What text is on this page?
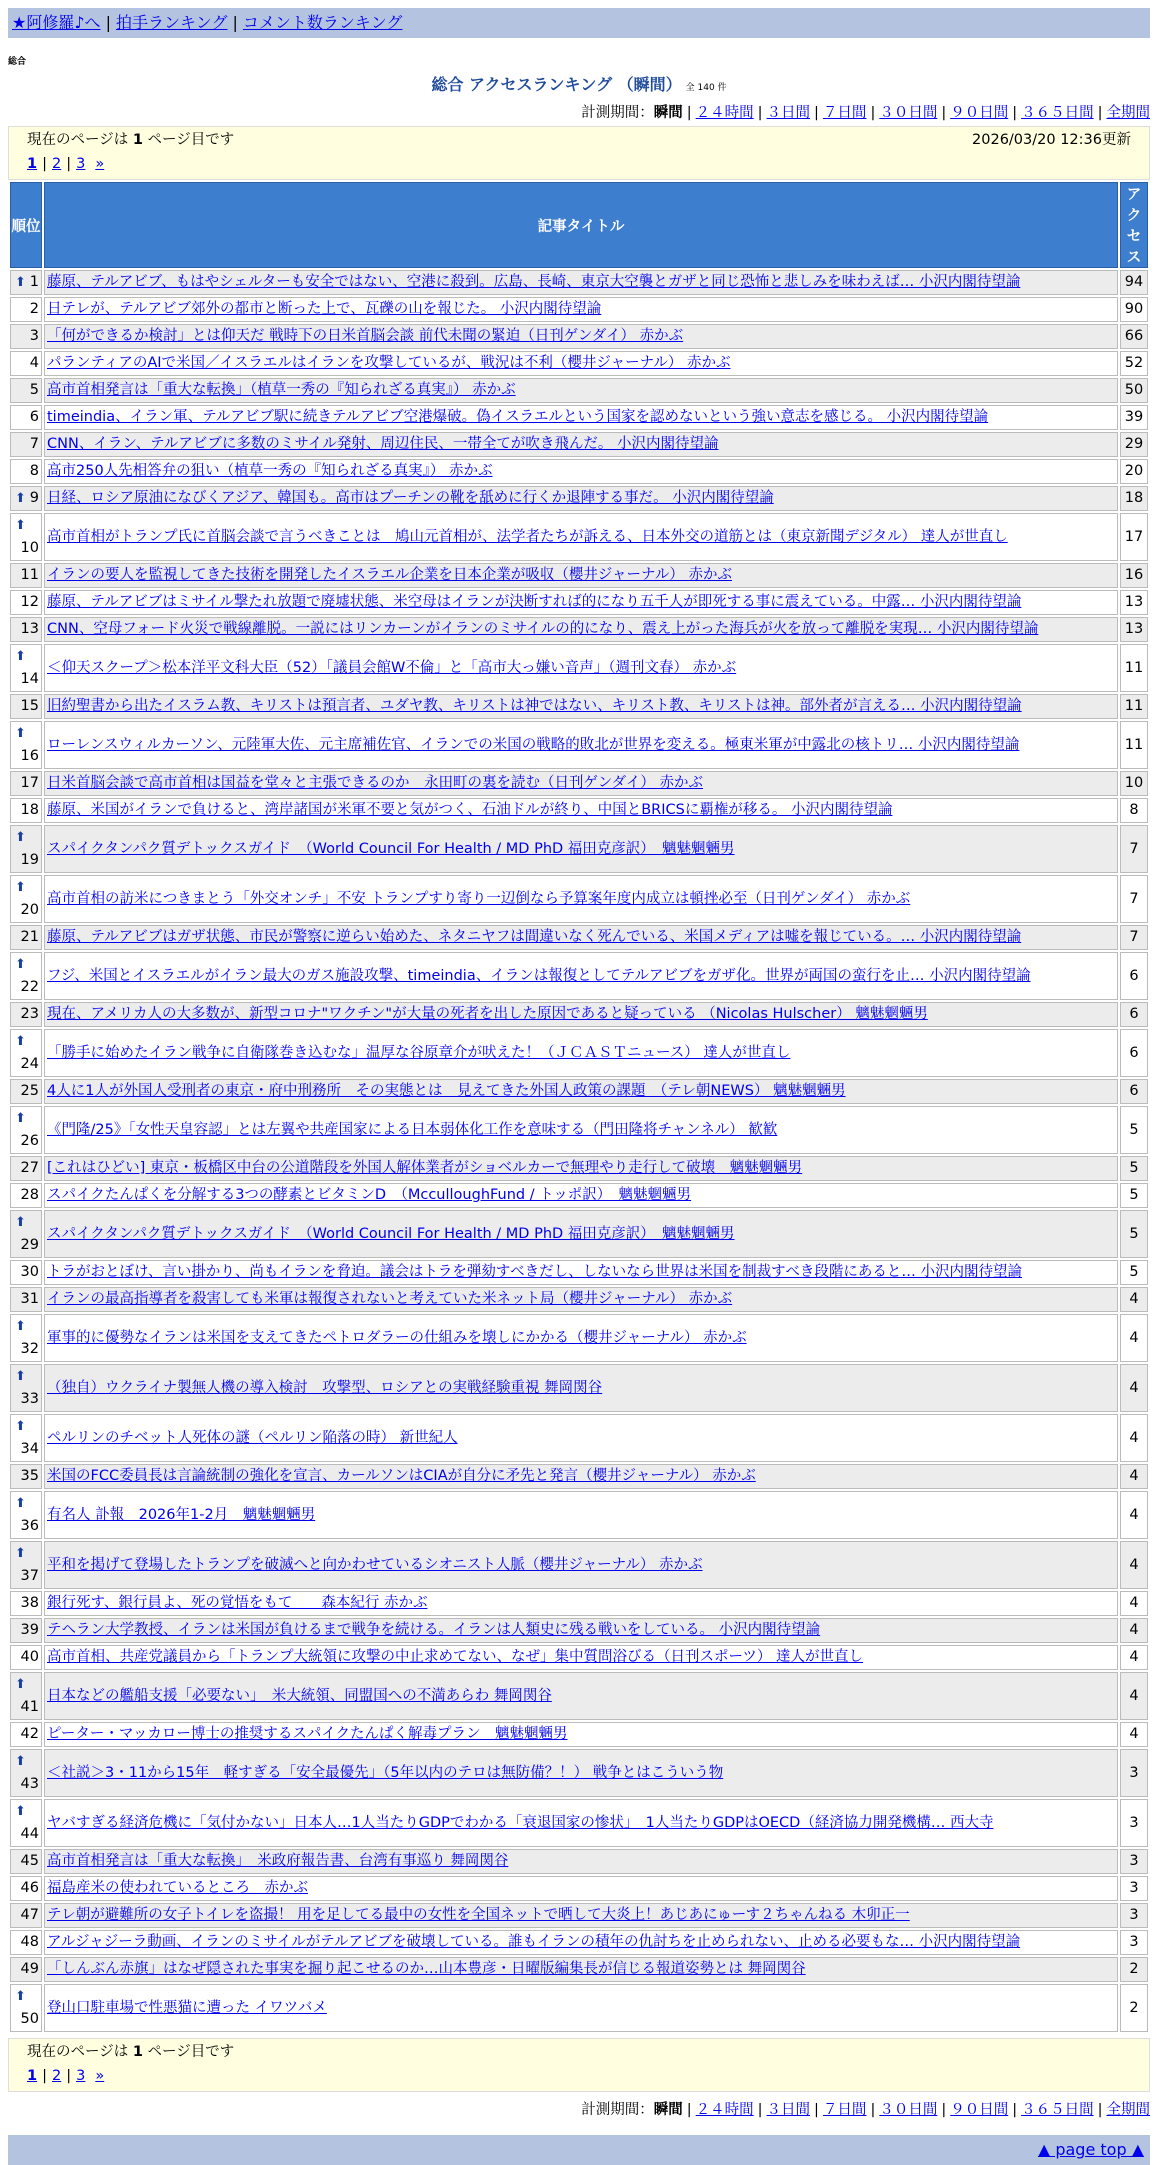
★阿修羅♪へ | 拍手ランキング | コメント数ランキング
総合
総合 アクセスランキング （瞬間） 全 140 件
計測期間：瞬間 | ２４時間 | ３日間 | ７日間 | ３０日間 | ９０日間 | ３６５日間 | 全期間
現在のページは 1 ページ目です	2026/03/20 12:36更新
1 | 2 | 3 »
順位	記事タイトル	アクセス

⬆ 1	藤原、テルアビブ、もはやシェルターも安全ではない、空港に殺到。広島、長崎、東京大空襲とガザと同じ恐怖と悲しみを味わえば… 小沢内閣待望論	94
2	日テレが、テルアビブ郊外の都市と断った上で、瓦礫の山を報じた。 小沢内閣待望論	90
3	「何ができるか検討」とは仰天だ 戦時下の日米首脳会談 前代未聞の緊迫（日刊ゲンダイ） 赤かぶ	66
4	パランティアのAIで米国／イスラエルはイランを攻撃しているが、戦況は不利（櫻井ジャーナル） 赤かぶ	52
5	高市首相発言は「重大な転換」（植草一秀の『知られざる真実』） 赤かぶ	50
6	timeindia、イラン軍、テルアビブ駅に続きテルアビブ空港爆破。偽イスラエルという国家を認めないという強い意志を感じる。 小沢内閣待望論	39
7	CNN、イラン、テルアビブに多数のミサイル発射、周辺住民、一帯全てが吹き飛んだ。 小沢内閣待望論	29
8	高市250人先相答弁の狙い（植草一秀の『知られざる真実』） 赤かぶ	20

⬆ 9	日経、ロシア原油になびくアジア、韓国も。高市はプーチンの靴を舐めに行くか退陣する事だ。 小沢内閣待望論	18

⬆
10	高市首相がトランプ氏に首脳会談で言うべきことは　鳩山元首相が、法学者たちが訴える、日本外交の道筋とは（東京新聞デジタル） 達人が世直し	17
11	イランの要人を監視してきた技術を開発したイスラエル企業を日本企業が吸収（櫻井ジャーナル） 赤かぶ	16
12	藤原、テルアビブはミサイル撃たれ放題で廃墟状態、米空母はイランが決断すれば的になり五千人が即死する事に震えている。中露… 小沢内閣待望論	13
13	CNN、空母フォード火災で戦線離脱。一説にはリンカーンがイランのミサイルの的になり、震え上がった海兵が火を放って離脱を実現… 小沢内閣待望論	13

⬆
14	＜仰天スクープ＞松本洋平文科大臣（52）「議員会館W不倫」と「高市大っ嫌い音声」（週刊文春） 赤かぶ	11
15	旧約聖書から出たイスラム教、キリストは預言者、ユダヤ教、キリストは神ではない、キリスト教、キリストは神。部外者が言える… 小沢内閣待望論	11

⬆
16	ローレンスウィルカーソン、元陸軍大佐、元主席補佐官、イランでの米国の戦略的敗北が世界を変える。極東米軍が中露北の核トリ… 小沢内閣待望論	11
17	日米首脳会談で高市首相は国益を堂々と主張できるのか　永田町の裏を読む（日刊ゲンダイ） 赤かぶ	10
18	藤原、米国がイランで負けると、湾岸諸国が米軍不要と気がつく、石油ドルが終り、中国とBRICSに覇権が移る。 小沢内閣待望論	8

⬆
19	スパイクタンパク質デトックスガイド　（World Council For Health / MD PhD 福田克彦訳）　魑魅魍魎男	7

⬆
20	高市首相の訪米につきまとう「外交オンチ」不安 トランプすり寄り一辺倒なら予算案年度内成立は頓挫必至（日刊ゲンダイ） 赤かぶ	7
21	藤原、テルアビブはガザ状態、市民が警察に逆らい始めた、ネタニヤフは間違いなく死んでいる、米国メディアは嘘を報じている。… 小沢内閣待望論	7

⬆
22	フジ、米国とイスラエルがイラン最大のガス施設攻撃、timeindia、イランは報復としてテルアビブをガザ化。世界が両国の蛮行を止… 小沢内閣待望論	6
23	現在、アメリカ人の大多数が、新型コロナ"ワクチン"が大量の死者を出した原因であると疑っている （Nicolas Hulscher） 魑魅魍魎男	6

⬆
24	「勝手に始めたイラン戦争に自衛隊巻き込むな」温厚な谷原章介が吠えた！（ＪＣＡＳＴニュース） 達人が世直し	6
25	4人に1人が外国人受刑者の東京・府中刑務所　その実態とは　見えてきた外国人政策の課題　（テレ朝NEWS） 魑魅魍魎男	6

⬆
26	《門隆/25》「女性天皇容認」とは左翼や共産国家による日本弱体化工作を意味する（門田隆将チャンネル） 歓歓	5
27	[これはひどい] 東京・板橋区中台の公道階段を外国人解体業者がショベルカーで無理やり走行して破壊　魑魅魍魎男	5
28	スパイクたんぱくを分解する3つの酵素とビタミンD　（McculloughFund / トッポ訳）　魑魅魍魎男	5

⬆
29	スパイクタンパク質デトックスガイド　（World Council For Health / MD PhD 福田克彦訳）　魑魅魍魎男	5
30	トラがおとぼけ、言い掛かり、尚もイランを脅迫。議会はトラを弾劾すべきだし、しないなら世界は米国を制裁すべき段階にあると… 小沢内閣待望論	5
31	イランの最高指導者を殺害しても米軍は報復されないと考えていた米ネット局（櫻井ジャーナル） 赤かぶ	4

⬆
32	軍事的に優勢なイランは米国を支えてきたペトロダラーの仕組みを壊しにかかる（櫻井ジャーナル） 赤かぶ	4

⬆
33	（独自）ウクライナ製無人機の導入検討　攻撃型、ロシアとの実戦経験重視 舞岡関谷	4

⬆
34	ペルリンのチベット人死体の謎（ペルリン陥落の時） 新世紀人	4
35	米国のFCC委員長は言論統制の強化を宣言、カールソンはCIAが自分に矛先と発言（櫻井ジャーナル） 赤かぶ	4

⬆
36	有名人 訃報　2026年1-2月　魑魅魍魎男	4

⬆
37	平和を掲げて登場したトランプを破滅へと向かわせているシオニスト人脈（櫻井ジャーナル） 赤かぶ	4
38	銀行死す、銀行員よ、死の覚悟をもて　　森本紀行 赤かぶ	4
39	テヘラン大学教授、イランは米国が負けるまで戦争を続ける。イランは人類史に残る戦いをしている。 小沢内閣待望論	4
40	高市首相、共産党議員から「トランプ大統領に攻撃の中止求めてない、なぜ」集中質問浴びる（日刊スポーツ） 達人が世直し	4

⬆
41	日本などの艦船支援「必要ない」　米大統領、同盟国への不満あらわ 舞岡関谷	4
42	ピーター・マッカロー博士の推奨するスパイクたんぱく解毒プラン　魑魅魍魎男	4

⬆
43	＜社説＞3・11から15年　軽すぎる「安全最優先」（5年以内のテロは無防備？！） 戦争とはこういう物	3

⬆
44	ヤバすぎる経済危機に「気付かない」日本人…1人当たりGDPでわかる「衰退国家の惨状」　1人当たりGDPはOECD（経済協力開発機構… 西大寺	3
45	高市首相発言は「重大な転換」　米政府報告書、台湾有事巡り 舞岡関谷	3
46	福島産米の使われているところ　赤かぶ	3
47	テレ朝が避難所の女子トイレを盗撮！ 用を足してる最中の女性を全国ネットで晒して大炎上！あじあにゅーす２ちゃんねる 木卯正一	3
48	アルジャジーラ動画、イランのミサイルがテルアビブを破壊している。誰もイランの積年の仇討ちを止められない、止める必要もな… 小沢内閣待望論	3
49	「しんぶん赤旗」はなぜ隠された事実を掘り起こせるのか…山本豊彦・日曜版編集長が信じる報道姿勢とは 舞岡関谷	2

⬆
50	登山口駐車場で性悪猫に遭った イワツバメ	2
現在のページは 1 ページ目です
1 | 2 | 3 »
計測期間：瞬間 | ２４時間 | ３日間 | ７日間 | ３０日間 | ９０日間 | ３６５日間 | 全期間
▲ page top ▲
